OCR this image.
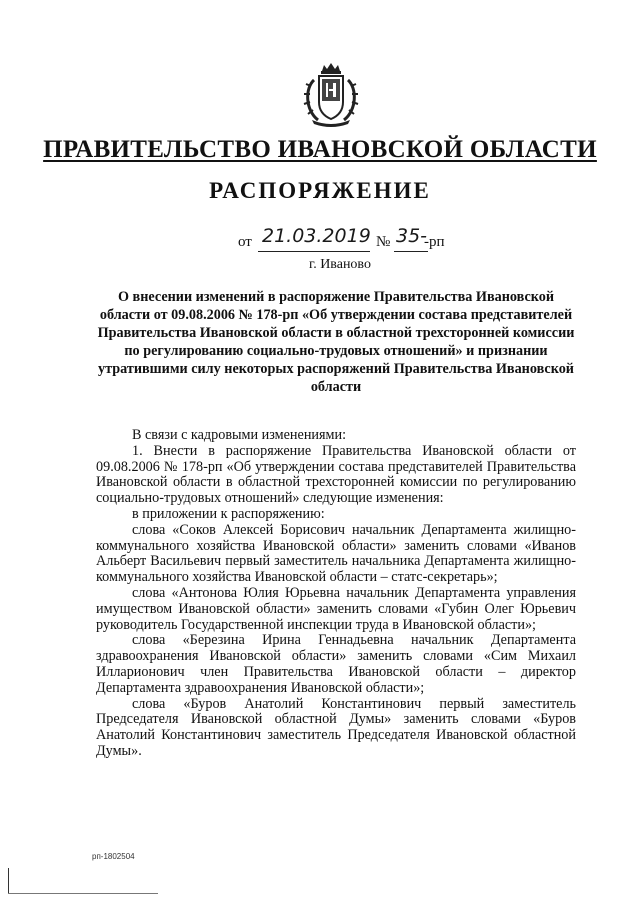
ПРАВИТЕЛЬСТВО ИВАНОВСКОЙ ОБЛАСТИ
РАСПОРЯЖЕНИЕ
от 21.03.2019 № 35-
-рп
г. Иваново
О внесении изменений в распоряжение Правительства Ивановской области от 09.08.2006 № 178-рп «Об утверждении состава представителей Правительства Ивановской области в областной трехсторонней комиссии по регулированию социально-трудовых отношений» и признании утратившими силу некоторых распоряжений Правительства Ивановской области

В связи с кадровыми изменениями:

1. Внести в распоряжение Правительства Ивановской области от 09.08.2006 № 178-рп «Об утверждении состава представителей Правительства Ивановской области в областной трехсторонней комиссии по регулированию социально-трудовых отношений» следующие изменения:

в приложении к распоряжению:

слова «Соков Алексей Борисович начальник Департамента жилищно-коммунального хозяйства Ивановской области» заменить словами «Иванов Альберт Васильевич первый заместитель начальника Департамента жилищно-коммунального хозяйства Ивановской области – статс-секретарь»;

слова «Антонова Юлия Юрьевна начальник Департамента управления имуществом Ивановской области» заменить словами «Губин Олег Юрьевич руководитель Государственной инспекции труда в Ивановской области»;

слова «Березина Ирина Геннадьевна начальник Департамента здравоохранения Ивановской области» заменить словами «Сим Михаил Илларионович член Правительства Ивановской области – директор Департамента здравоохранения Ивановской области»;

слова «Буров Анатолий Константинович первый заместитель Председателя Ивановской областной Думы» заменить словами «Буров Анатолий Константинович заместитель Председателя Ивановской областной Думы».

рп-1802504
